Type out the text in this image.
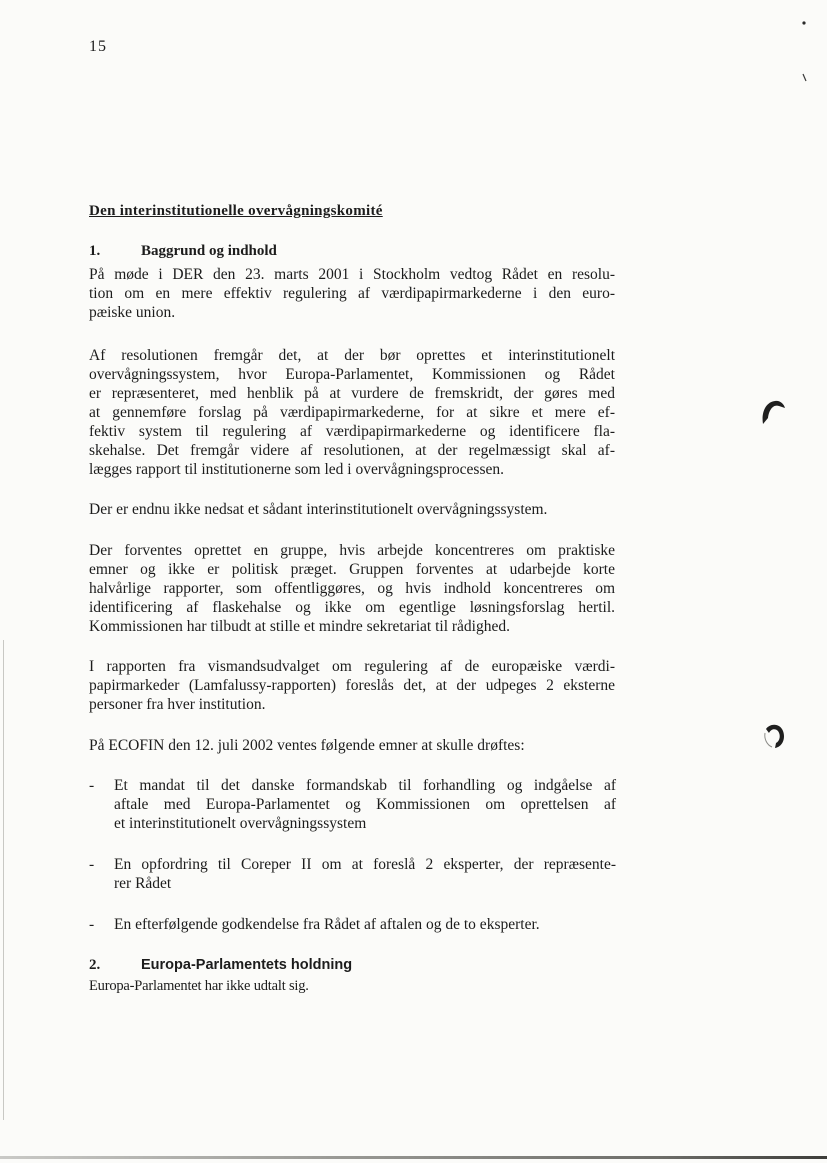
15
Den interinstitutionelle overvågningskomité
1.	Baggrund og indhold
På møde i DER den 23. marts 2001 i Stockholm vedtog Rådet en resolu-
tion om en mere effektiv regulering af værdipapirmarkederne i den euro-
pæiske union.
Af resolutionen fremgår det, at der bør oprettes et interinstitutionelt
overvågningssystem, hvor Europa-Parlamentet, Kommissionen og Rådet
er repræsenteret, med henblik på at vurdere de fremskridt, der gøres med
at gennemføre forslag på værdipapirmarkederne, for at sikre et mere ef-
fektiv system til regulering af værdipapirmarkederne og identificere fla-
skehalse. Det fremgår videre af resolutionen, at der regelmæssigt skal af-
lægges rapport til institutionerne som led i overvågningsprocessen.
Der er endnu ikke nedsat et sådant interinstitutionelt overvågningssystem.
Der forventes oprettet en gruppe, hvis arbejde koncentreres om praktiske
emner og ikke er politisk præget. Gruppen forventes at udarbejde korte
halvårlige rapporter, som offentliggøres, og hvis indhold koncentreres om
identificering af flaskehalse og ikke om egentlige løsningsforslag hertil.
Kommissionen har tilbudt at stille et mindre sekretariat til rådighed.
I rapporten fra vismandsudvalget om regulering af de europæiske værdi-
papirmarkeder (Lamfalussy-rapporten) foreslås det, at der udpeges 2 eksterne
personer fra hver institution.
På ECOFIN den 12. juli 2002 ventes følgende emner at skulle drøftes:
- Et mandat til det danske formandskab til forhandling og indgåelse af
aftale med Europa-Parlamentet og Kommissionen om oprettelsen af
et interinstitutionelt overvågningssystem
- En opfordring til Coreper II om at foreslå 2 eksperter, der repræsente-
rer Rådet
- En efterfølgende godkendelse fra Rådet af aftalen og de to eksperter.
2.	Europa-Parlamentets holdning
Europa-Parlamentet har ikke udtalt sig.
